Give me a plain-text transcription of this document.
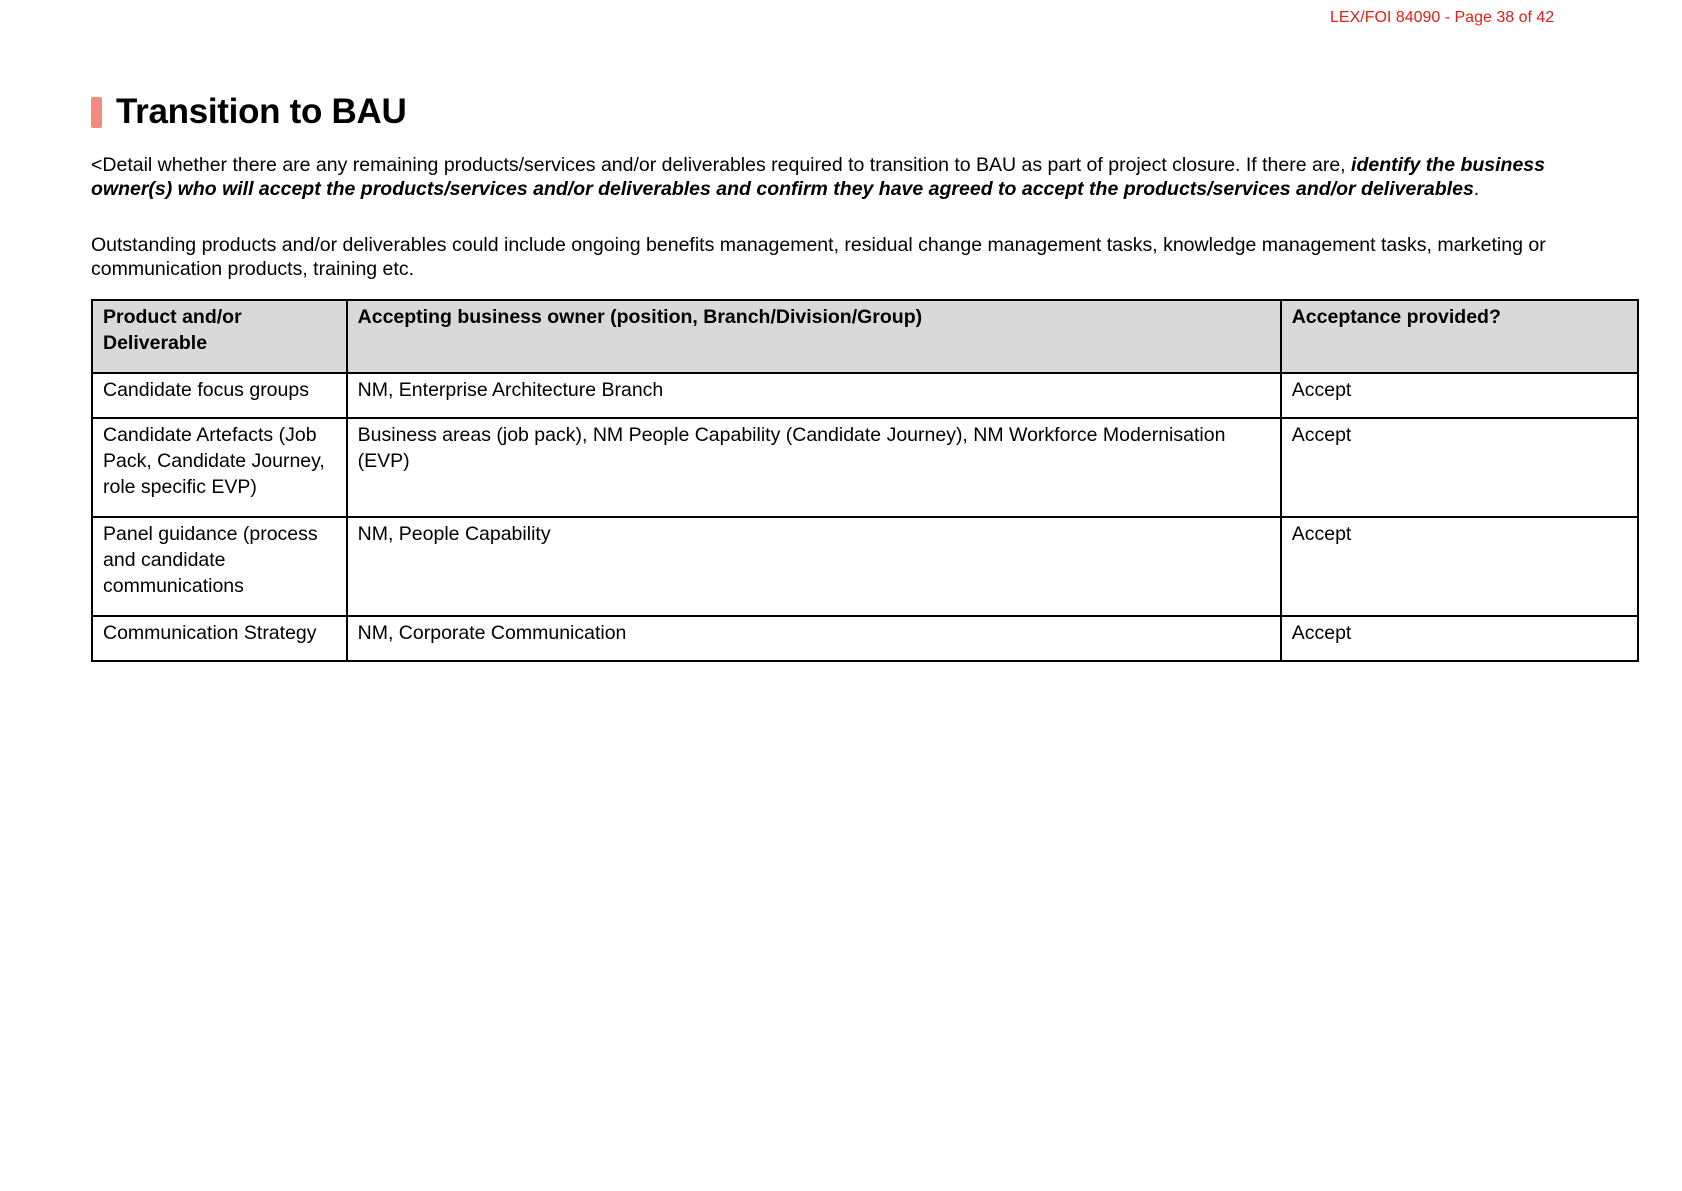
LEX/FOI 84090 - Page 38 of 42
Transition to BAU

<Detail whether there are any remaining products/services and/or deliverables required to transition to BAU as part of project closure. If there are, identify the business owner(s) who will accept the products/services and/or deliverables and confirm they have agreed to accept the products/services and/or deliverables.

Outstanding products and/or deliverables could include ongoing benefits management, residual change management tasks, knowledge management tasks, marketing or communication products, training etc.

Product and/or Deliverable	Accepting business owner (position, Branch/Division/Group)	Acceptance provided?
Candidate focus groups	NM, Enterprise Architecture Branch	Accept
Candidate Artefacts (Job Pack, Candidate Journey, role specific EVP)	Business areas (job pack), NM People Capability (Candidate Journey), NM Workforce Modernisation (EVP)	Accept
Panel guidance (process and candidate communications	NM, People Capability	Accept
Communication Strategy	NM, Corporate Communication	Accept
